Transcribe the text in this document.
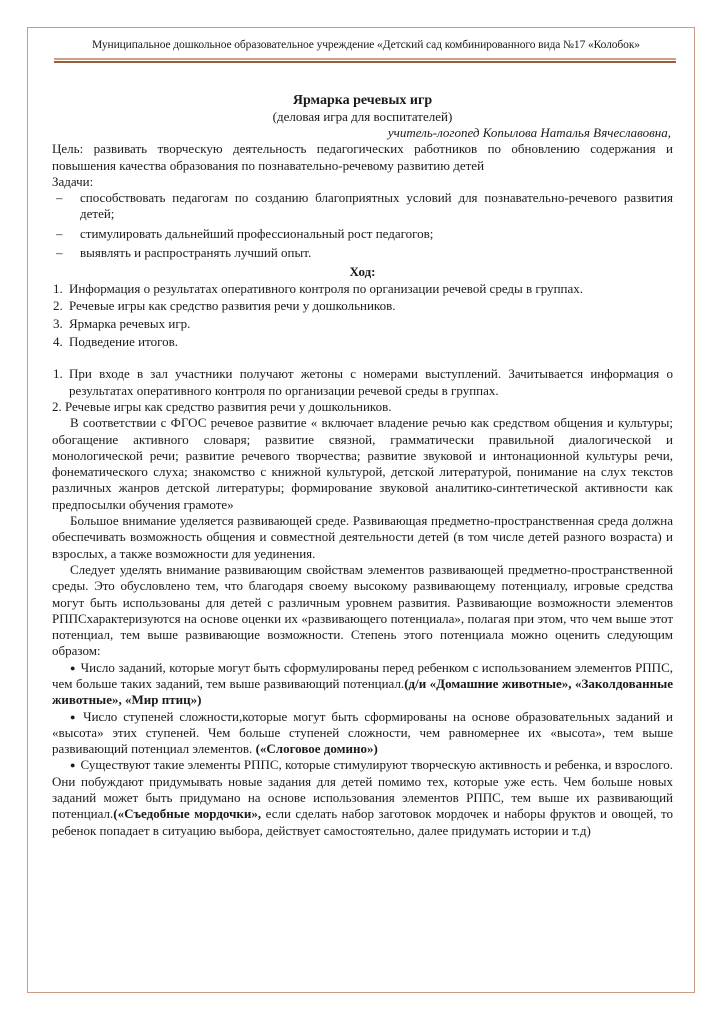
Муниципальное дошкольное образовательное учреждение «Детский сад комбинированного вида №17 «Колобок»

Ярмарка речевых игр

(деловая игра для воспитателей)

учитель-логопед Копылова Наталья Вячеславовна,

Цель: развивать творческую деятельность педагогических работников по обновлению содержания и повышения качества образования по познавательно-речевому развитию детей

Задачи:

– способствовать педагогам по созданию благоприятных условий для познавательно-речевого развития детей;
– стимулировать дальнейший профессиональный рост педагогов;
– выявлять и распространять лучший опыт.

Ход:

1. Информация о результатах оперативного контроля по организации речевой среды в группах.
2. Речевые игры как средство развития речи у дошкольников.
3. Ярмарка речевых игр.
4. Подведение итогов.

1. При входе в зал участники получают жетоны с номерами выступлений. Зачитывается информация о результатах оперативного контроля по организации речевой среды в группах.

2. Речевые игры как средство развития речи у дошкольников.

В соответствии с ФГОС речевое развитие « включает владение речью как средством общения и культуры; обогащение активного словаря; развитие связной, грамматически правильной диалогической и монологической речи; развитие речевого творчества; развитие звуковой и интонационной культуры речи, фонематического слуха; знакомство с книжной культурой, детской литературой, понимание на слух текстов различных жанров детской литературы; формирование звуковой аналитико-синтетической активности как предпосылки обучения грамоте»

Большое внимание уделяется развивающей среде. Развивающая предметно-пространственная среда должна обеспечивать возможность общения и совместной деятельности детей (в том числе детей разного возраста) и взрослых, а также возможности для уединения.

Следует уделять внимание развивающим свойствам элементов развивающей предметно-пространственной среды. Это обусловлено тем, что благодаря своему высокому развивающему потенциалу, игровые средства могут быть использованы для детей с различным уровнем развития. Развивающие возможности элементов РППСхарактеризуются на основе оценки их «развивающего потенциала», полагая при этом, что чем выше этот потенциал, тем выше развивающие возможности. Степень этого потенциала можно оценить следующим образом:

● Число заданий, которые могут быть сформулированы перед ребенком с использованием элементов РППС, чем больше таких заданий, тем выше развивающий потенциал.(д/и «Домашние животные», «Заколдованные животные», «Мир птиц»)

● Число ступеней сложности,которые могут быть сформированы на основе образовательных заданий и «высота» этих ступеней. Чем больше ступеней сложности, чем равномернее их «высота», тем выше развивающий потенциал элементов. («Слоговое домино»)

● Существуют такие элементы РППС, которые стимулируют творческую активность и ребенка, и взрослого. Они побуждают придумывать новые задания для детей помимо тех, которые уже есть. Чем больше новых заданий может быть придумано на основе использования элементов РППС, тем выше их развивающий потенциал.(«Съедобные мордочки», если сделать набор заготовок мордочек и наборы фруктов и овощей, то ребенок попадает в ситуацию выбора, действует самостоятельно, далее придумать истории и т.д)
